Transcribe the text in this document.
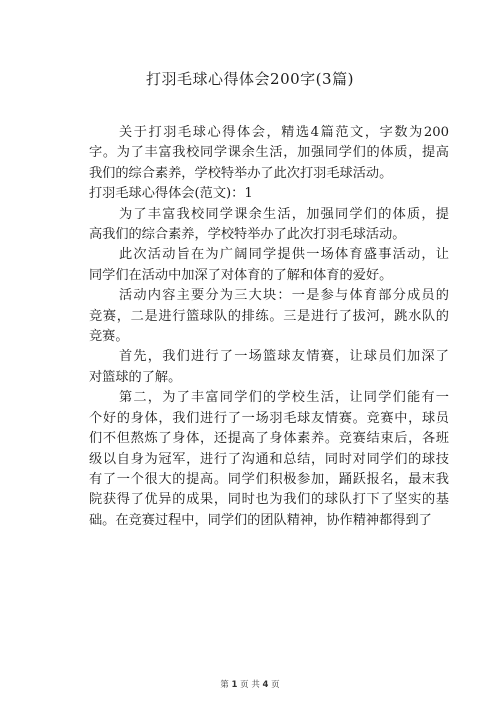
打羽毛球心得体会200字(3篇)
关于打羽毛球心得体会，精选4篇范文，字数为200
字。为了丰富我校同学课余生活，加强同学们的体质，提高
我们的综合素养，学校特举办了此次打羽毛球活动。
打羽毛球心得体会(范文)：1
为了丰富我校同学课余生活，加强同学们的体质，提
高我们的综合素养，学校特举办了此次打羽毛球活动。
此次活动旨在为广阔同学提供一场体育盛事活动，让
同学们在活动中加深了对体育的了解和体育的爱好。
活动内容主要分为三大块：一是参与体育部分成员的
竞赛，二是进行篮球队的排练。三是进行了拔河，跳水队的
竞赛。
首先，我们进行了一场篮球友情赛，让球员们加深了
对篮球的了解。
第二，为了丰富同学们的学校生活，让同学们能有一
个好的身体，我们进行了一场羽毛球友情赛。竞赛中，球员
们不但熬炼了身体，还提高了身体素养。竞赛结束后，各班
级以自身为冠军，进行了沟通和总结，同时对同学们的球技
有了一个很大的提高。同学们积极参加，踊跃报名，最末我
院获得了优异的成果，同时也为我们的球队打下了坚实的基
础。在竞赛过程中，同学们的团队精神，协作精神都得到了
第 1 页 共 4 页
